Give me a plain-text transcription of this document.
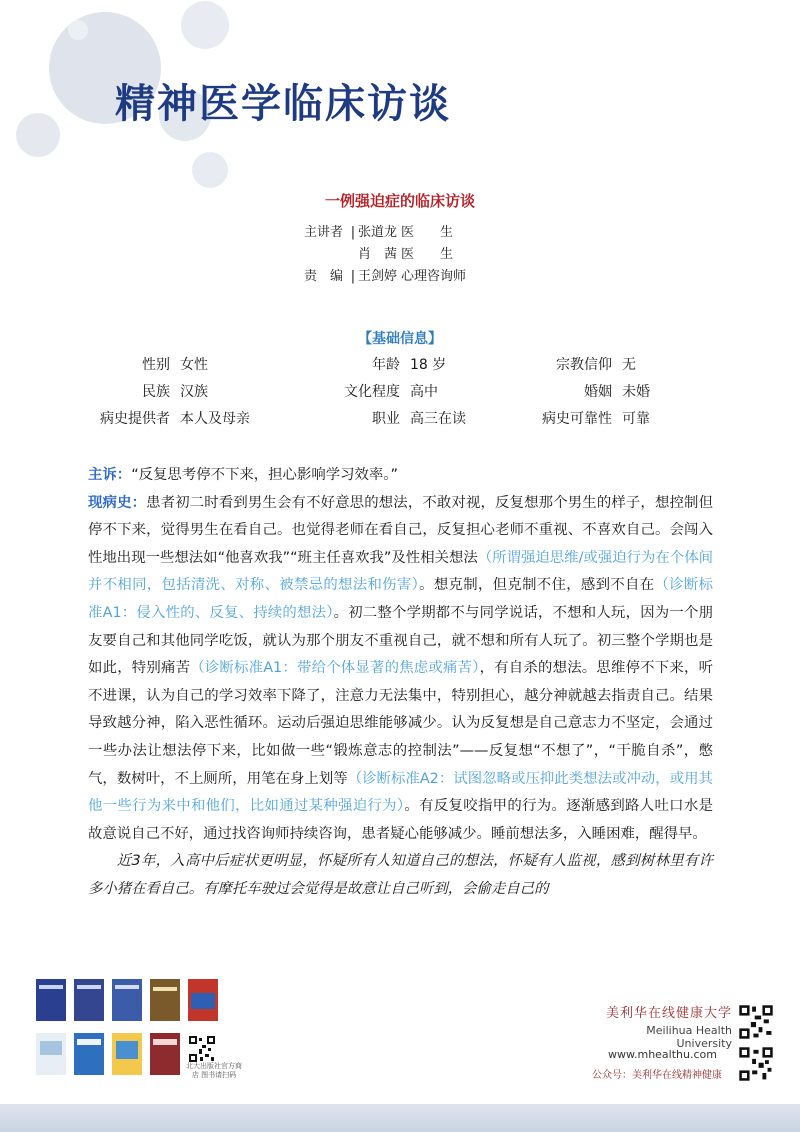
精神医学临床访谈
一例强迫症的临床访谈
主讲者 | 张道龙 医　　生
肖　茜 医　　生
责　编 | 王剑婷 心理咨询师
【基础信息】
性别 女性	年龄 18 岁	宗教信仰 无
民族 汉族	文化程度 高中	婚姻 未婚
病史提供者 本人及母亲	职业 高三在读	病史可靠性 可靠

主诉：“反复思考停不下来，担心影响学习效率。”

现病史：患者初二时看到男生会有不好意思的想法，不敢对视，反复想那个男生的样子，想控制但停不下来，觉得男生在看自己。也觉得老师在看自己，反复担心老师不重视、不喜欢自己。会闯入性地出现一些想法如“他喜欢我”“班主任喜欢我”及性相关想法（所谓强迫思维/或强迫行为在个体间并不相同，包括清洗、对称、被禁忌的想法和伤害）。想克制，但克制不住，感到不自在（诊断标准A1：侵入性的、反复、持续的想法）。初二整个学期都不与同学说话，不想和人玩，因为一个朋友要自己和其他同学吃饭，就认为那个朋友不重视自己，就不想和所有人玩了。初三整个学期也是如此，特别痛苦（诊断标准A1：带给个体显著的焦虑或痛苦），有自杀的想法。思维停不下来，听不进课，认为自己的学习效率下降了，注意力无法集中，特别担心，越分神就越去指责自己。结果导致越分神，陷入恶性循环。运动后强迫思维能够减少。认为反复想是自己意志力不坚定，会通过一些办法让想法停下来，比如做一些“锻炼意志的控制法”——反复想“不想了”，“干脆自杀”，憋气，数树叶，不上厕所，用笔在身上划等（诊断标准A2：试图忽略或压抑此类想法或冲动，或用其他一些行为来中和他们，比如通过某种强迫行为）。有反复咬指甲的行为。逐渐感到路人吐口水是故意说自己不好，通过找咨询师持续咨询，患者疑心能够减少。睡前想法多，入睡困难，醒得早。

近3年，入高中后症状更明显，怀疑所有人知道自己的想法，怀疑有人监视，感到树林里有许多小猪在看自己。有摩托车驶过会觉得是故意让自己听到，会偷走自己的

北大出版社官方商店 图书请扫码
美利华在线健康大学
Meilihua Health University
www.mhealthu.com
公众号：美利华在线精神健康
